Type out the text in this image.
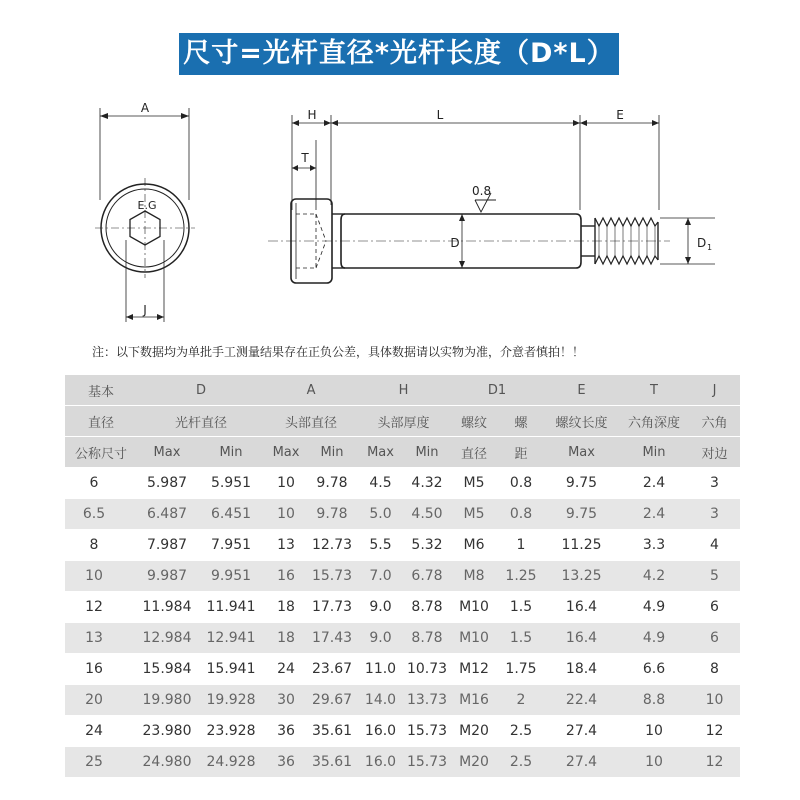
尺寸=光杆直径*光杆长度（D*L）
A
E.G
J
H	L	E
T
D
0.8
D 1
注：以下数据均为单批手工测量结果存在正负公差，具体数据请以实物为准，介意者慎拍！！
基本	D		A		H		D1		E	T	J
直径	光杆直径		头部直径		头部厚度		螺纹	螺	螺纹长度	六角深度	六角
公称尺寸	Max	Min	Max	Min	Max	Min	直径	距	Max	Min	对边
6	5.987	5.951	10	9.78	4.5	4.32	M5	0.8	9.75	2.4	3
6.5	6.487	6.451	10	9.78	5.0	4.50	M5	0.8	9.75	2.4	3
8	7.987	7.951	13	12.73	5.5	5.32	M6	1	11.25	3.3	4
10	9.987	9.951	16	15.73	7.0	6.78	M8	1.25	13.25	4.2	5
12	11.984	11.941	18	17.73	9.0	8.78	M10	1.5	16.4	4.9	6
13	12.984	12.941	18	17.43	9.0	8.78	M10	1.5	16.4	4.9	6
16	15.984	15.941	24	23.67	11.0	10.73	M12	1.75	18.4	6.6	8
20	19.980	19.928	30	29.67	14.0	13.73	M16	2	22.4	8.8	10
24	23.980	23.928	36	35.61	16.0	15.73	M20	2.5	27.4	10	12
25	24.980	24.928	36	35.61	16.0	15.73	M20	2.5	27.4	10	12
